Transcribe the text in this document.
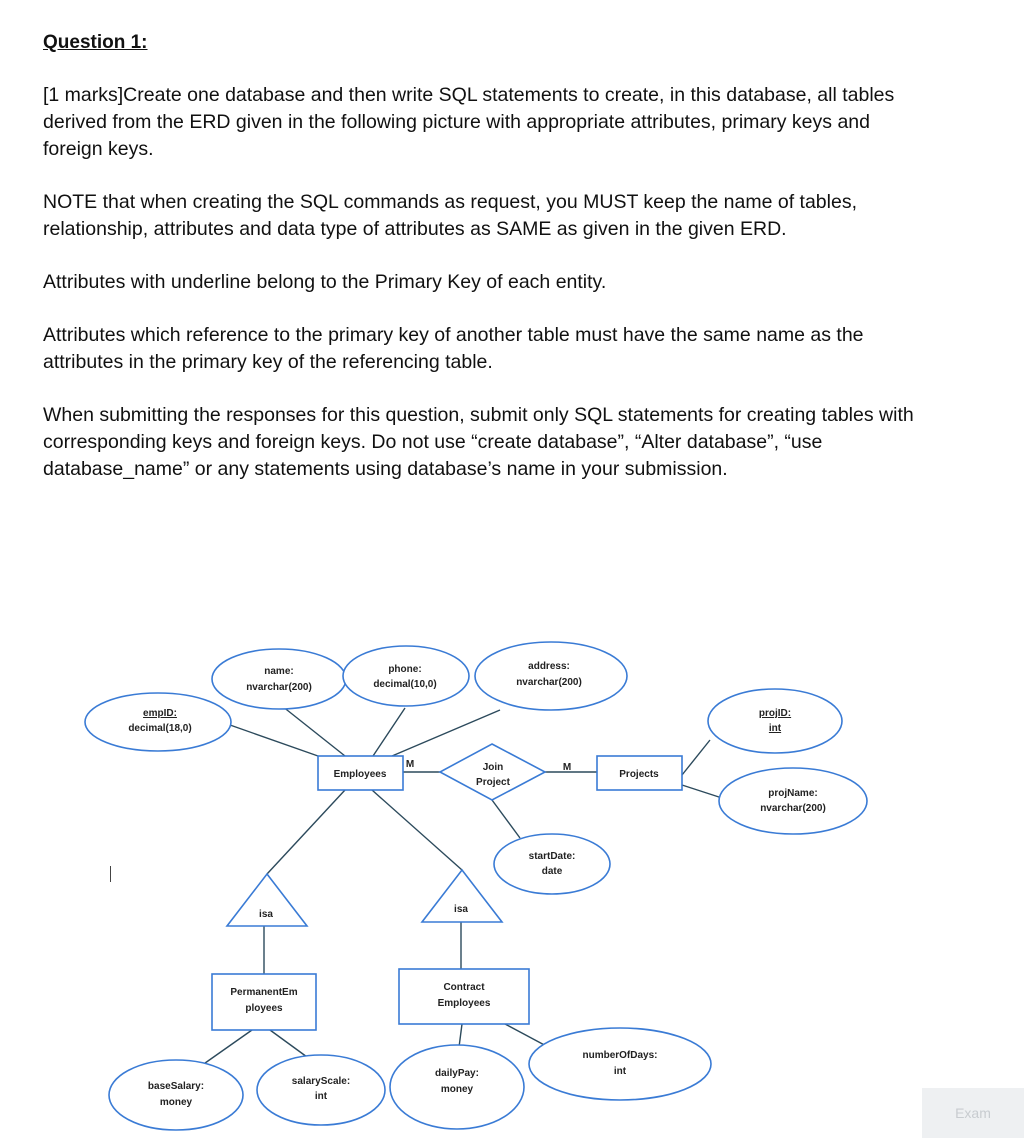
empID:
decimal(18,0)
name:
nvarchar(200)
phone:
decimal(10,0)
address:
nvarchar(200)
projID:
int
projName:
nvarchar(200)
startDate:
date
baseSalary:
money
salaryScale:
int
dailyPay:
money
numberOfDays:
int
Employees	Projects
PermanentEm
ployees
Contract
Employees
Join
Project
M	M
isa	isa
Question 1:

[1 marks]Create one database and then write SQL statements to create, in this database, all tables derived from the ERD given in the following picture with appropriate attributes, primary keys and foreign keys.

NOTE that when creating the SQL commands as request, you MUST keep the name of tables, relationship, attributes and data type of attributes as SAME as given in the given ERD.

Attributes with underline belong to the Primary Key of each entity.

Attributes which reference to the primary key of another table must have the same name as the attributes in the primary key of the referencing table.

When submitting the responses for this question, submit only SQL statements for creating tables with corresponding keys and foreign keys. Do not use “create database”, “Alter database”, “use database_name” or any statements using database’s name in your submission.

Exam
